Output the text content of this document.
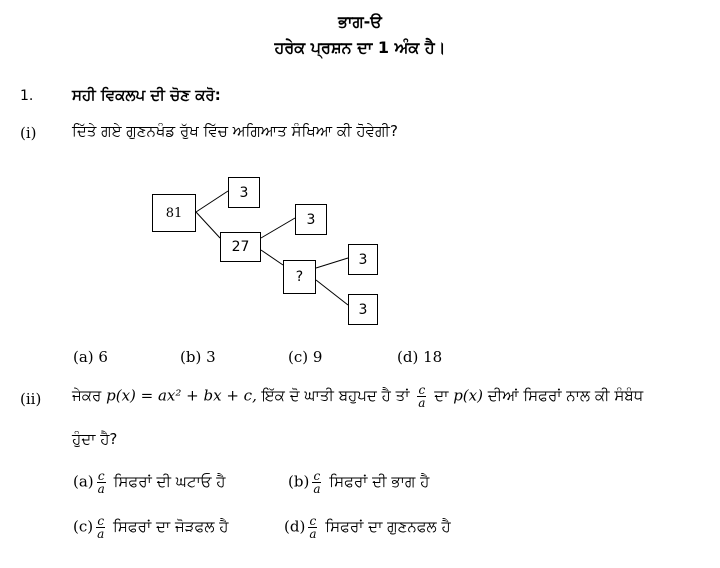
ਭਾਗ-ੳ
ਹਰੇਕ ਪ੍ਰਸ਼ਨ ਦਾ 1 ਅੰਕ ਹੈ।
1.	ਸਹੀ ਵਿਕਲਪ ਦੀ ਚੋਣ ਕਰੋ:
(i) ਦਿੱਤੇ ਗਏ ਗੁਣਨਖੰਡ ਰੁੱਖ ਵਿੱਚ ਅਗਿਆਤ ਸੰਖਿਆ ਕੀ ਹੋਵੇਗੀ?
81
3
27
3
?
3
3
(a) 6	(b) 3	(c) 9	(d) 18
(ii) ਜੇਕਰ p(x) = ax² + bx + c, ਇੱਕ ਦੋ ਘਾਤੀ ਬਹੁਪਦ ਹੈ ਤਾਂ $\frac{c}{a}$ ਦਾ p(x) ਦੀਆਂ ਸਿਫਰਾਂ ਨਾਲ ਕੀ ਸੰਬੰਧ
ਹੁੰਦਾ ਹੈ?
$(a) \frac{c}{a}$ ਸਿਫਰਾਂ ਦੀ ਘਟਾਓ ਹੈ	$(b) \frac{c}{a}$ ਸਿਫਰਾਂ ਦੀ ਭਾਗ ਹੈ
$(c) \frac{c}{a}$ ਸਿਫਰਾਂ ਦਾ ਜੋੜਫਲ ਹੈ	$(d) \frac{c}{a}$ ਸਿਫਰਾਂ ਦਾ ਗੁਣਨਫਲ ਹੈ
